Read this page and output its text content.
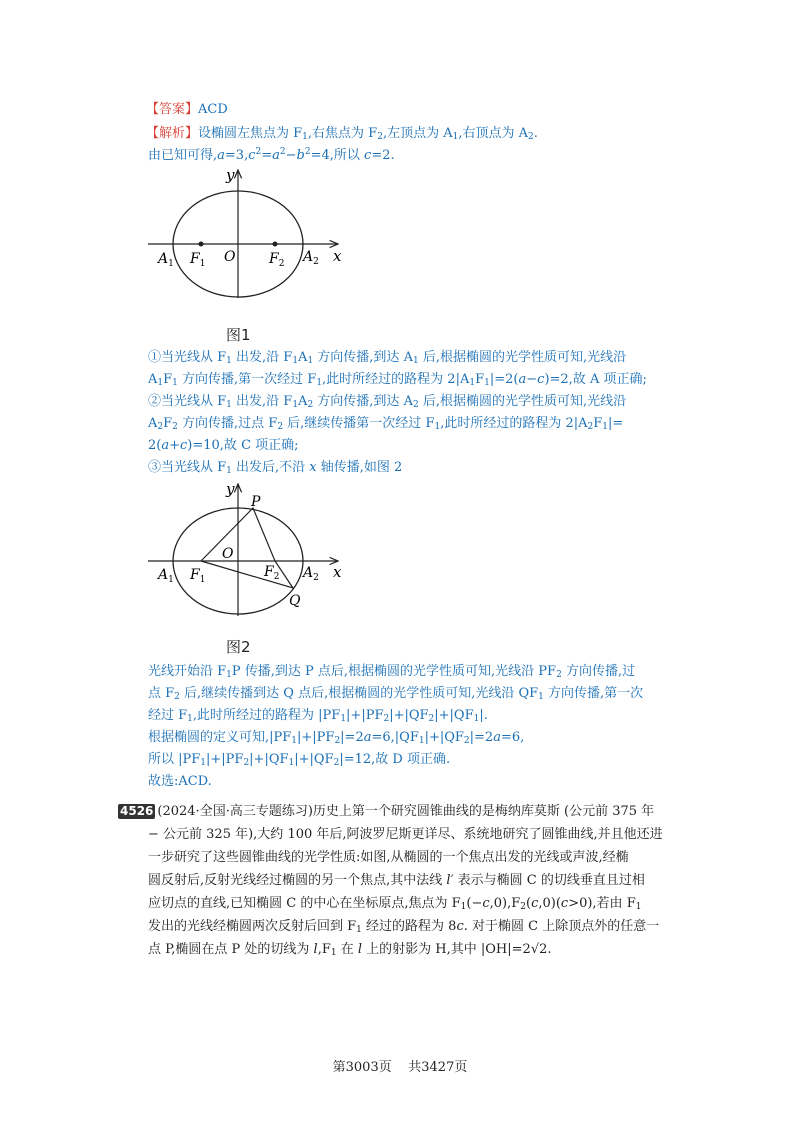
【答案】ACD
【解析】设椭圆左焦点为 $F_1$,右焦点为 $F_2$,左顶点为 $A_1$,右顶点为 $A_2$.
由已知可得$,a=3,c^2=a^2-b^2=4$,所以 c=2.
y
x
O
$A_1$ $F_1$	$F_2$ $A_2$
图1
①当光线从 $F_1$ 出发,沿 $F_1A_1$ 方向传播,到达 $A_1$ 后,根据椭圆的光学性质可知,光线沿
$A_1F_1$ 方向传播,第一次经过 $F_1$,此时所经过的路程为 $2|A_1F_1|=2(a-c)=2$,故 A 项正确;
②当光线从 $F_1$ 出发,沿 $F_1A_2$ 方向传播,到达 $A_2$ 后,根据椭圆的光学性质可知,光线沿
$A_2F_2$ 方向传播,过点 $F_2$ 后,继续传播第一次经过 $F_1$,此时所经过的路程为 $2|A_2F_1|=$
2(a+c)=10,故 C 项正确;
③当光线从 $F_1$ 出发后,不沿 x 轴传播,如图 2
y
x
O
P
Q
$A_1$ $F_1$	$F_2$ $A_2$
图2
光线开始沿 $F_1P$ 传播,到达 P 点后,根据椭圆的光学性质可知,光线沿 $PF_2$ 方向传播,过
点 $F_2$ 后,继续传播到达 Q 点后,根据椭圆的光学性质可知,光线沿 $QF_1$ 方向传播,第一次
经过 $F_1$,此时所经过的路程为 $|PF_1|+|PF_2|+|QF_2|+|QF_1|$.
根据椭圆的定义可知$,|PF_1|+|PF_2|=2a=6,|QF_1|+|QF_2|=2a=6$,
所以 $|PF_1|+|PF_2|+|QF_1|+|QF_2|=12$,故 D 项正确.
故选:ACD.
4526 (2024·全国·高三专题练习)历史上第一个研究圆锥曲线的是梅纳库莫斯 (公元前 375 年
− 公元前 325 年),大约 100 年后,阿波罗尼斯更详尽、系统地研究了圆锥曲线,并且他还进
一步研究了这些圆锥曲线的光学性质:如图,从椭圆的一个焦点出发的光线或声波,经椭
圆反射后,反射光线经过椭圆的另一个焦点,其中法线 l′ 表示与椭圆 C 的切线垂直且过相
应切点的直线,已知椭圆 C 的中心在坐标原点,焦点为 $F_1(-c,0),F_2(c,0)(c>0)$,若由 $F_1$
发出的光线经椭圆两次反射后回到 $F_1$ 经过的路程为 8c. 对于椭圆 C 上除顶点外的任意一
点 P,椭圆在点 P 处的切线为 $l,F_1$ 在 l 上的射影为 H,其中 |OH|=2√2.
第3003页 共3427页
